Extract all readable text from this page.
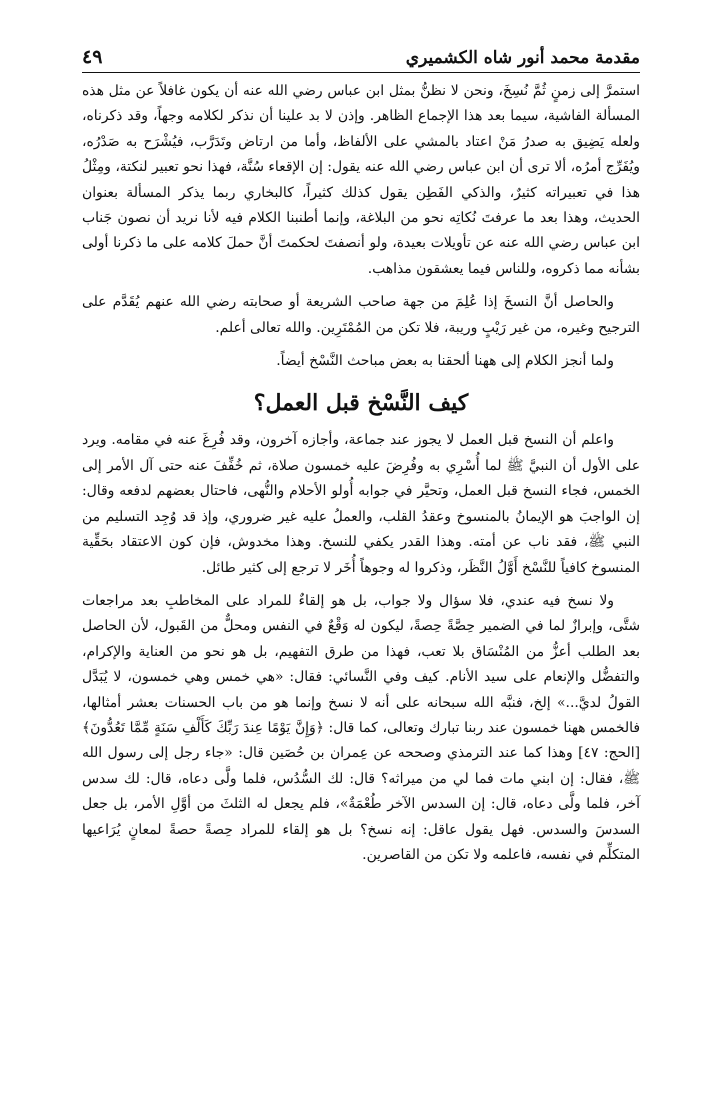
مقدمة محمد أنور شاه الكشميري
٤٩

استمرَّ إلى زمنٍ ثُمَّ نُسِخَ، ونحن لا نظنُّ بمثل ابن عباس رضي الله عنه أن يكون غافلاً عن مثل هذه المسألة الفاشية، سيما بعد هذا الإجماع الظاهر. وإذن لا بد علينا أن نذكر لكلامه وجهاً، وقد ذكرناه، ولعله يَضِيق به صدرُ مَنْ اعتاد بالمشي على الألفاظ، وأما من ارتاض وتَدَرَّب، فيُشْرَح به صَدْرُه، ويُفَرِّج أمرُه، ألا ترى أن ابن عباس رضي الله عنه يقول: إن الإقعاء سُنَّة، فهذا نحو تعبير لنكتة، ومِثْلُ هذا في تعبيراته كثيرٌ، والذكي الفَطِن يقول كذلك كثيراً، كالبخاري ربما يذكر المسألة بعنوان الحديث، وهذا بعد ما عرفتَ نُكاتِه نحو من البلاغة، وإنما أطنبنا الكلام فيه لأنا نريد أن نصون جَناب ابن عباس رضي الله عنه عن تأويلات بعيدة، ولو أنصفتَ لحكمتَ أنَّ حملَ كلامه على ما ذكرنا أولى بشأنه مما ذكروه، وللناس فيما يعشقون مذاهب.

والحاصل أنَّ النسخَ إذا عُلِمَ من جهة صاحب الشريعة أو صحابته رضي الله عنهم يُقَدَّم على الترجيح وغيره، من غير رَيْبٍ وريبة، فلا تكن من المُمْتَرِين. والله تعالى أعلم.

ولما أنجز الكلام إلى ههنا ألحقنا به بعض مباحث النَّسْخ أيضاً.

كيف النَّسْخ قبل العمل؟

واعلم أن النسخ قبل العمل لا يجوز عند جماعة، وأجازه آخرون، وقد فُرِغَ عنه في مقامه. ويرد على الأول أن النبيَّ ﷺ لما أُسْرِي به وفُرِضَ عليه خمسون صلاة، ثم خُفِّفَ عنه حتى آل الأمر إلى الخمس، فجاء النسخ قبل العمل، وتحيَّر في جوابه أُولو الأحلام والنُّهى، فاحتال بعضهم لدفعه وقال: إن الواجبَ هو الإيمانُ بالمنسوخ وعقدُ القلب، والعملُ عليه غير ضروري، وإذ قد وُجِد التسليم من النبي ﷺ، فقد ناب عن أمته. وهذا القدر يكفي للنسخ. وهذا مخدوش، فإن كون الاعتقاد بحَقِّية المنسوخ كافياً للنَّسْخ أَوَّلُ النَّظَر، وذكروا له وجوهاً أُخَر لا ترجع إلى كثير طائل.

ولا نسخ فيه عندي، فلا سؤال ولا جواب، بل هو إلقاءٌ للمراد على المخاطبِ بعد مراجعات شتَّى، وإبرازٌ لما في الضمير حِصَّةً حِصةً، ليكون له وَقْعٌ في النفس ومحلٌّ من القَبول، لأن الحاصل بعد الطلب أعزُّ من المُنْسَاق بلا تعب، فهذا من طرق التفهيم، بل هو نحو من العناية والإكرام، والتفضُّل والإنعام على سيد الأنام. كيف وفي النَّسائي: فقال: «هي خمس وهي خمسون، لا يُبَدَّل القولُ لديَّ...» إلخ، فنبَّه الله سبحانه على أنه لا نسخ وإنما هو من باب الحسنات بعشر أمثالها، فالخمس ههنا خمسون عند ربنا تبارك وتعالى، كما قال: ﴿وَإِنَّ يَوْمًا عِندَ رَبِّكَ كَأَلْفِ سَنَةٍ مِّمَّا تَعُدُّونَ﴾ [الحج: ٤٧] وهذا كما عند الترمذي وصححه عن عِمران بن حُصَين قال: «جاء رجل إلى رسول الله ﷺ، فقال: إن ابني مات فما لي من ميراثه؟ قال: لك السُّدُس، فلما ولَّى دعاه، قال: لك سدس آخر، فلما ولَّى دعاه، قال: إن السدس الآخر طُعْمَةٌ»، فلم يجعل له الثلثَ من أوَّلِ الأمر، بل جعل السدسَ والسدس. فهل يقول عاقل: إنه نسخ؟ بل هو إلقاء للمراد حِصةً حصةً لمعانٍ يُرَاعيها المتكلِّم في نفسه، فاعلمه ولا تكن من القاصرين.
